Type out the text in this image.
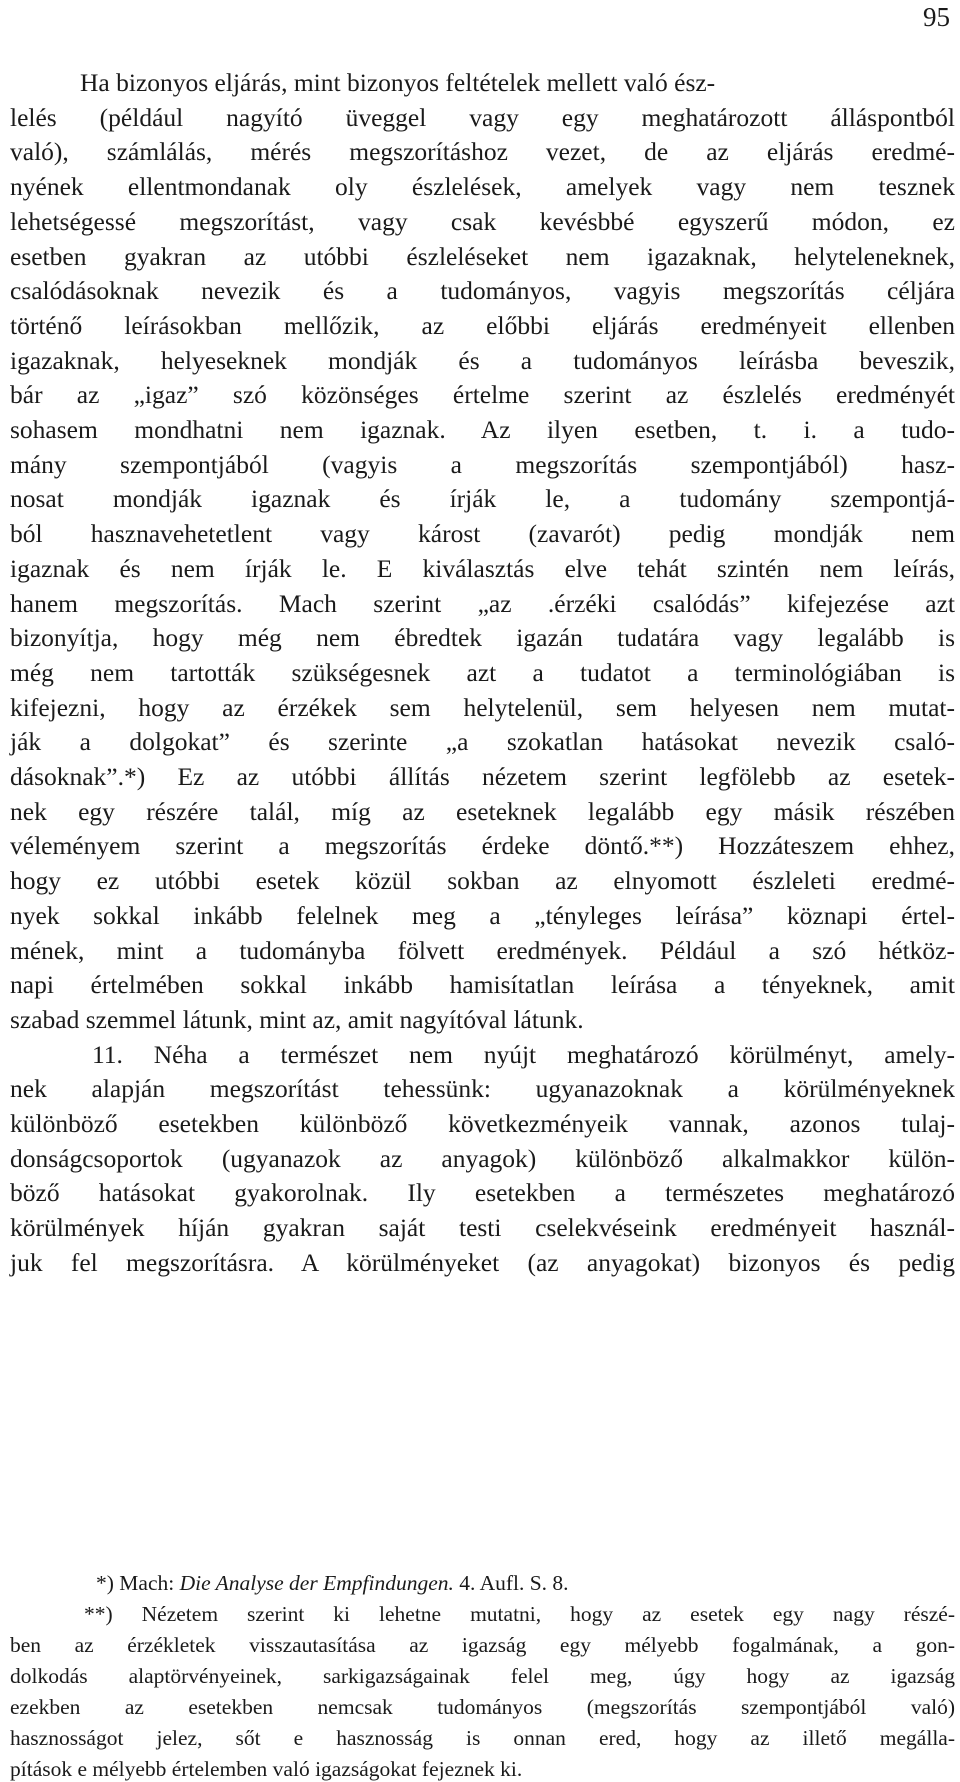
95
Ha bizonyos eljárás, mint bizonyos feltételek mellett való ész-
lelés (például nagyító üveggel vagy egy meghatározott álláspontból
való), számlálás, mérés megszorításhoz vezet, de az eljárás eredmé-
nyének ellentmondanak oly észlelések, amelyek vagy nem tesznek
lehetségessé megszorítást, vagy csak kevésbbé egyszerű módon, ez
esetben gyakran az utóbbi észleléseket nem igazaknak, helyteleneknek,
csalódásoknak nevezik és a tudományos, vagyis megszorítás céljára
történő leírásokban mellőzik, az előbbi eljárás eredményeit ellenben
igazaknak, helyeseknek mondják és a tudományos leírásba beveszik,
bár az „igaz” szó közönséges értelme szerint az észlelés eredményét
sohasem mondhatni nem igaznak. Az ilyen esetben, t. i. a tudo-
mány szempontjából (vagyis a megszorítás szempontjából) hasz-
nosat mondják igaznak és írják le, a tudomány szempontjá-
ból hasznavehetetlent vagy károst (zavarót) pedig mondják nem
igaznak és nem írják le. E kiválasztás elve tehát szintén nem leírás,
hanem megszorítás. Mach szerint „az .érzéki csalódás” kifejezése azt
bizonyítja, hogy még nem ébredtek igazán tudatára vagy legalább is
még nem tartották szükségesnek azt a tudatot a terminológiában is
kifejezni, hogy az érzékek sem helytelenül, sem helyesen nem mutat-
ják a dolgokat” és szerinte „a szokatlan hatásokat nevezik csaló-
dásoknak”.*) Ez az utóbbi állítás nézetem szerint legfölebb az esetek-
nek egy részére talál, míg az eseteknek legalább egy másik részében
véleményem szerint a megszorítás érdeke döntő.**) Hozzáteszem ehhez,
hogy ez utóbbi esetek közül sokban az elnyomott észleleti eredmé-
nyek sokkal inkább felelnek meg a „tényleges leírása” köznapi értel-
mének, mint a tudományba fölvett eredmények. Például a szó hétköz-
napi értelmében sokkal inkább hamisítatlan leírása a tényeknek, amit
szabad szemmel látunk, mint az, amit nagyítóval látunk.
11. Néha a természet nem nyújt meghatározó körülményt, amely-
nek alapján megszorítást tehessünk: ugyanazoknak a körülményeknek
különböző esetekben különböző következményeik vannak, azonos tulaj-
donságcsoportok (ugyanazok az anyagok) különböző alkalmakkor külön-
böző hatásokat gyakorolnak. Ily esetekben a természetes meghatározó
körülmények híján gyakran saját testi cselekvéseink eredményeit használ-
juk fel megszorításra. A körülményeket (az anyagokat) bizonyos és pedig
*) Mach: Die Analyse der Empfindungen. 4. Aufl. S. 8.
**) Nézetem szerint ki lehetne mutatni, hogy az esetek egy nagy részé-
ben az érzékletek visszautasítása az igazság egy mélyebb fogalmának, a gon-
dolkodás alaptörvényeinek, sarkigazságainak felel meg, úgy hogy az igazság
ezekben az esetekben nemcsak tudományos (megszorítás szempontjából való)
hasznosságot jelez, sőt e hasznosság is onnan ered, hogy az illető megálla-
pítások e mélyebb értelemben való igazságokat fejeznek ki.
